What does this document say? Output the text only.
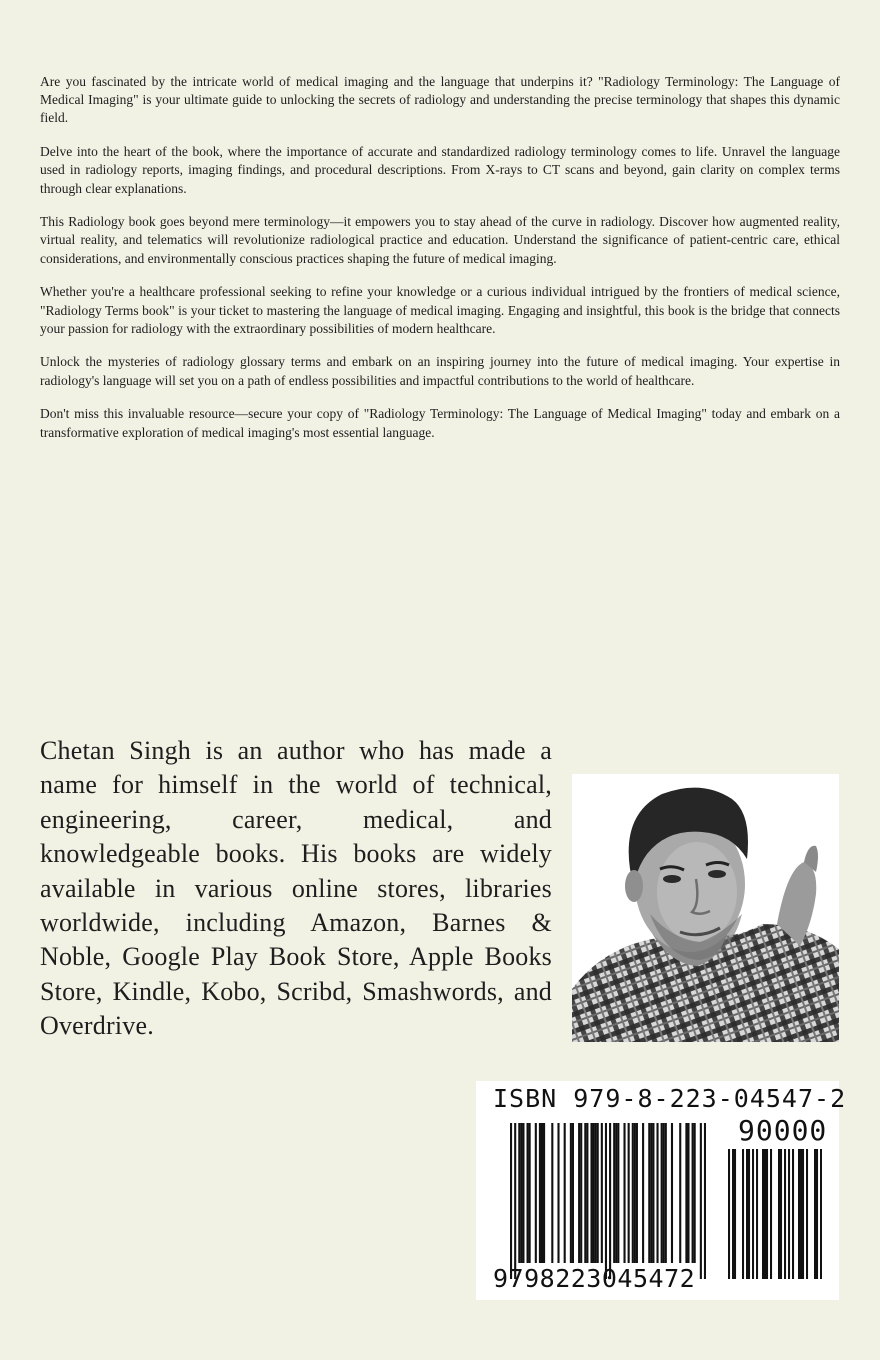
Are you fascinated by the intricate world of medical imaging and the language that underpins it? "Radiology Terminology: The Language of Medical Imaging" is your ultimate guide to unlocking the secrets of radiology and understanding the precise terminology that shapes this dynamic field.

Delve into the heart of the book, where the importance of accurate and standardized radiology terminology comes to life. Unravel the language used in radiology reports, imaging findings, and procedural descriptions. From X-rays to CT scans and beyond, gain clarity on complex terms through clear explanations.

This Radiology book goes beyond mere terminology—it empowers you to stay ahead of the curve in radiology. Discover how augmented reality, virtual reality, and telematics will revolutionize radiological practice and education. Understand the significance of patient-centric care, ethical considerations, and environmentally conscious practices shaping the future of medical imaging.

Whether you're a healthcare professional seeking to refine your knowledge or a curious individual intrigued by the frontiers of medical science, "Radiology Terms book" is your ticket to mastering the language of medical imaging. Engaging and insightful, this book is the bridge that connects your passion for radiology with the extraordinary possibilities of modern healthcare.

Unlock the mysteries of radiology glossary terms and embark on an inspiring journey into the future of medical imaging. Your expertise in radiology's language will set you on a path of endless possibilities and impactful contributions to the world of healthcare.

Don't miss this invaluable resource—secure your copy of "Radiology Terminology: The Language of Medical Imaging" today and embark on a transformative exploration of medical imaging's most essential language.

Chetan Singh is an author who has made a name for himself in the world of technical, engineering, career, medical, and knowledgeable books. His books are widely available in various online stores, libraries worldwide, including Amazon, Barnes & Noble, Google Play Book Store, Apple Books Store, Kindle, Kobo, Scribd, Smashwords, and Overdrive.

ISBN 979-8-223-04547-2
90000
9798223045472
